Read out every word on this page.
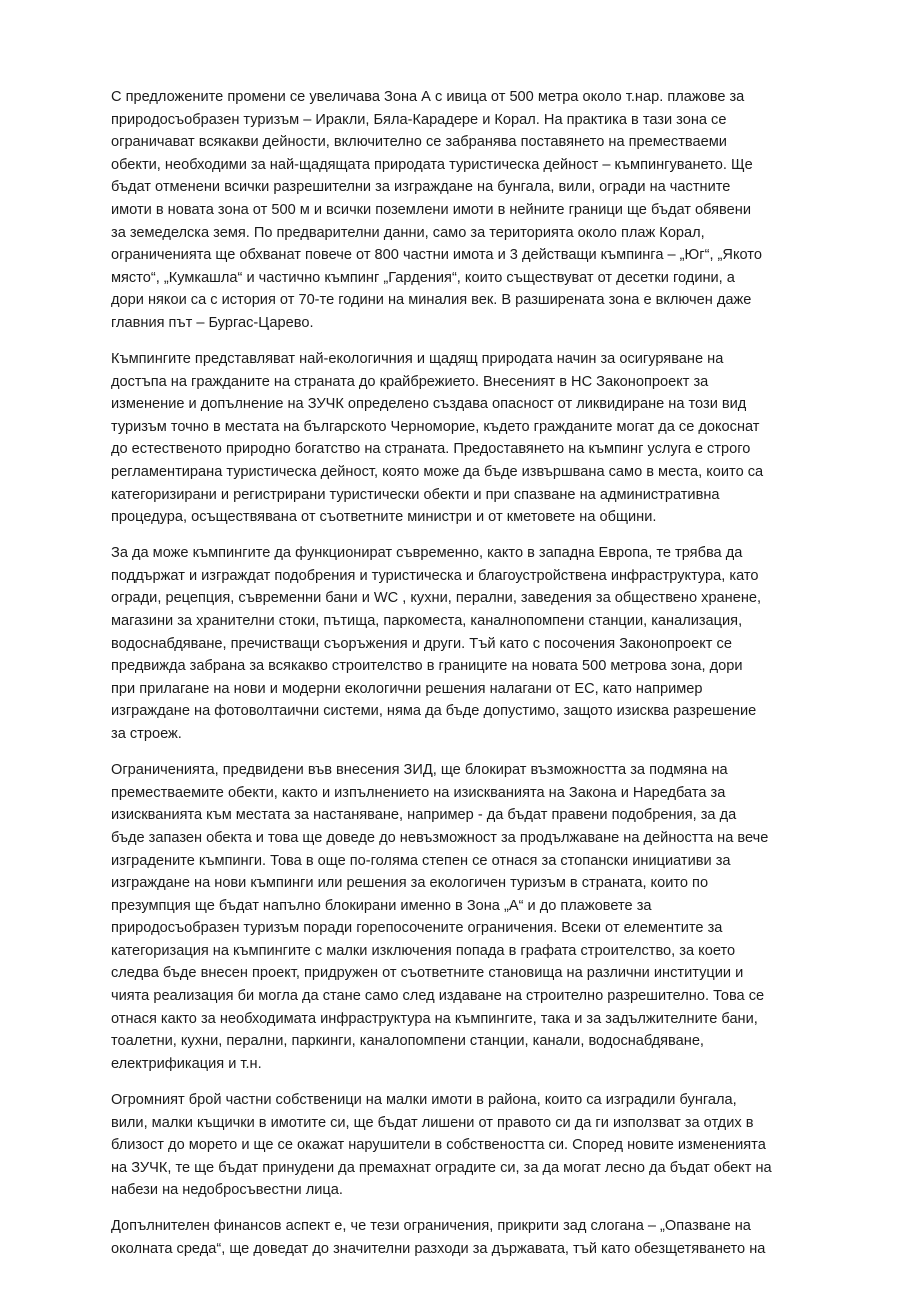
С предложените промени се увеличава Зона А с ивица от 500 метра около т.нар. плажове за
природосъобразен туризъм – Иракли, Бяла-Карадере и Корал. На практика в тази зона се
ограничават всякакви дейности, включително се забранява поставянето на преместваеми
обекти, необходими за най-щадящата природата туристическа дейност – къмпингуването. Ще
бъдат отменени всички разрешителни за изграждане на бунгала, вили, огради на частните
имоти в новата зона от 500 м и всички поземлени имоти в нейните граници ще бъдат обявени
за земеделска земя. По предварителни данни, само за територията около плаж Корал,
ограниченията ще обхванат повече от 800 частни имота и 3 действащи къмпинга – „Юг“, „Якото
място“, „Кумкашла“ и частично къмпинг „Гардения“, които съществуват от десетки години, а
дори някои са с история от 70-те години на миналия век. В разширената зона е включен даже
главния път – Бургас-Царево.

Къмпингите представляват най-екологичния и щадящ природата начин за осигуряване на
достъпа на гражданите на страната до крайбрежието. Внесеният в НС Законопроект за
изменение и допълнение на ЗУЧК определено създава опасност от ликвидиране на този вид
туризъм точно в местата на българското Черноморие, където гражданите могат да се докоснат
до естественото природно богатство на страната. Предоставянето на къмпинг услуга е строго
регламентирана туристическа дейност, която може да бъде извършвана само в места, които са
категоризирани и регистрирани туристически обекти и при спазване на административна
процедура, осъществявана от съответните министри и от кметовете на общини.

За да може къмпингите да функционират съвременно, както в западна Европа, те трябва да
поддържат и изграждат подобрения и туристическа и благоустройствена инфраструктура, като
огради, рецепция, съвременни бани и WC , кухни, перални, заведения за обществено хранене,
магазини за хранителни стоки, пътища, паркоместа, каналнопомпени станции, канализация,
водоснабдяване, пречистващи съоръжения и други. Тъй като с посочения Законопроект се
предвижда забрана за всякакво строителство в границите на новата 500 метрова зона, дори
при прилагане на нови и модерни екологични решения налагани от ЕС, като например
изграждане на фотоволтаични системи, няма да бъде допустимо, защото изисква разрешение
за строеж.

Ограниченията, предвидени във внесения ЗИД, ще блокират възможността за подмяна на
преместваемите обекти, както и изпълнението на изискванията на Закона и Наредбата за
изискванията към местата за настаняване, например - да бъдат правени подобрения, за да
бъде запазен обекта и това ще доведе до невъзможност за продължаване на дейността на вече
изградените къмпинги. Това в още по-голяма степен се отнася за стопански инициативи за
изграждане на нови къмпинги или решения за екологичен туризъм в страната, които по
презумпция ще бъдат напълно блокирани именно в Зона „А“ и до плажовете за
природосъобразен туризъм поради горепосочените ограничения. Всеки от елементите за
категоризация на къмпингите с малки изключения попада в графата строителство, за което
следва бъде внесен проект, придружен от съответните становища на различни институции и
чията реализация би могла да стане само след издаване на строително разрешително. Това се
отнася както за необходимата инфраструктура на къмпингите, така и за задължителните бани,
тоалетни, кухни, перални, паркинги, каналопомпени станции, канали, водоснабдяване,
електрификация и т.н.

Огромният брой частни собственици на малки имоти в района, които са изградили бунгала,
вили, малки къщички в имотите си, ще бъдат лишени от правото си да ги използват за отдих в
близост до морето и ще се окажат нарушители в собствеността си. Според новите измененията
на ЗУЧК, те ще бъдат принудени да премахнат оградите си, за да могат лесно да бъдат обект на
набези на недобросъвестни лица.

Допълнителен финансов аспект е, че тези ограничения, прикрити зад слогана – „Опазване на
околната среда“, ще доведат до значителни разходи за държавата, тъй като обезщетяването на
